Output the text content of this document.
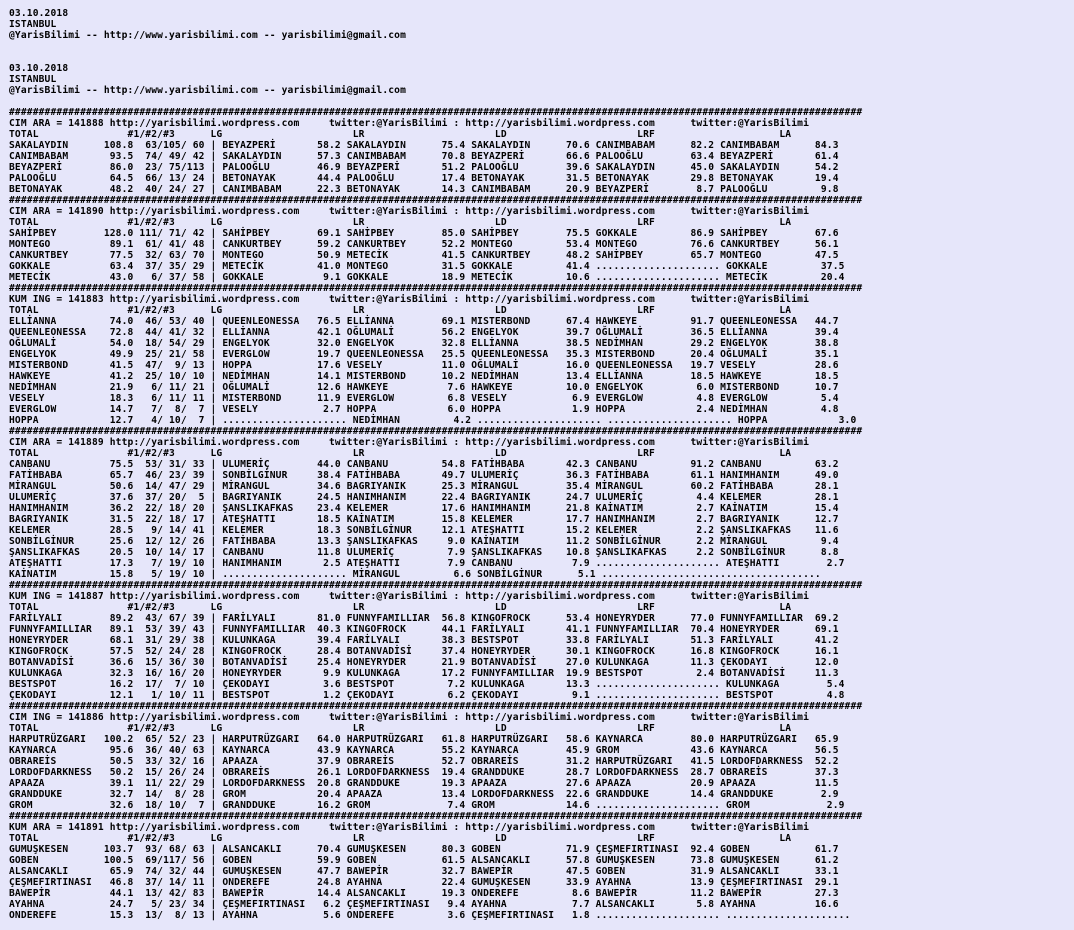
03.10.2018
ISTANBUL
@YarisBilimi -- http://www.yarisbilimi.com -- yarisbilimi@gmail.com

03.10.2018
ISTANBUL
@YarisBilimi -- http://www.yarisbilimi.com -- yarisbilimi@gmail.com

################################################################################################################################################
CIM ARA = 141888 http://yarisbilimi.wordpress.com     twitter:@YarisBilimi : http://yarisbilimi.wordpress.com      twitter:@YarisBilimi
TOTAL               #1/#2/#3      LG                      LR                      LD                      LRF                     LA
SAKALAYDIN      108.8  63/105/ 60 | BEYAZPERİ       58.2 SAKALAYDIN      75.4 SAKALAYDIN      70.6 CANIMBABAM      82.2 CANIMBABAM      84.3
CANIMBABAM       93.5  74/ 49/ 42 | SAKALAYDIN      57.3 CANIMBABAM      70.8 BEYAZPERİ       66.6 PALOOĞLU        63.4 BEYAZPERİ       61.4
BEYAZPERİ        86.0  23/ 75/113 | PALOOĞLU        46.9 BEYAZPERİ       51.2 PALOOĞLU        39.6 SAKALAYDIN      45.0 SAKALAYDIN      54.2
PALOOĞLU         64.5  66/ 13/ 24 | BETONAYAK       44.4 PALOOĞLU        17.4 BETONAYAK       31.5 BETONAYAK       29.8 BETONAYAK       19.4
BETONAYAK        48.2  40/ 24/ 27 | CANIMBABAM      22.3 BETONAYAK       14.3 CANIMBABAM      20.9 BEYAZPERİ        8.7 PALOOĞLU         9.8
################################################################################################################################################
CIM ARA = 141890 http://yarisbilimi.wordpress.com     twitter:@YarisBilimi : http://yarisbilimi.wordpress.com      twitter:@YarisBilimi
TOTAL               #1/#2/#3      LG                      LR                      LD                      LRF                     LA
SAHİPBEY        128.0 111/ 71/ 42 | SAHİPBEY        69.1 SAHİPBEY        85.0 SAHİPBEY        75.5 GOKKALE         86.9 SAHİPBEY        67.6
MONTEGO          89.1  61/ 41/ 48 | CANKURTBEY      59.2 CANKURTBEY      52.2 MONTEGO         53.4 MONTEGO         76.6 CANKURTBEY      56.1
CANKURTBEY       77.5  32/ 63/ 70 | MONTEGO         50.9 METECİK         41.5 CANKURTBEY      48.2 SAHİPBEY        65.7 MONTEGO         47.5
GOKKALE          63.4  37/ 35/ 29 | METECİK         41.0 MONTEGO         31.5 GOKKALE         41.4 ..................... GOKKALE         37.5
METECİK          43.0   6/ 37/ 58 | GOKKALE          9.1 GOKKALE         18.9 METECİK         10.6 ..................... METECİK         20.4
################################################################################################################################################
KUM ING = 141883 http://yarisbilimi.wordpress.com     twitter:@YarisBilimi : http://yarisbilimi.wordpress.com      twitter:@YarisBilimi
TOTAL               #1/#2/#3      LG                      LR                      LD                      LRF                     LA
ELLİANNA         74.0  46/ 53/ 40 | QUEENLEONESSA   76.5 ELLİANNA        69.1 MISTERBOND      67.4 HAWKEYE         91.7 QUEENLEONESSA   44.7
QUEENLEONESSA    72.8  44/ 41/ 32 | ELLİANNA        42.1 OĞLUMALİ        56.2 ENGELYOK        39.7 OĞLUMALİ        36.5 ELLİANNA        39.4
OĞLUMALİ         54.0  18/ 54/ 29 | ENGELYOK        32.0 ENGELYOK        32.8 ELLİANNA        38.5 NEDİMHAN        29.2 ENGELYOK        38.8
ENGELYOK         49.9  25/ 21/ 58 | EVERGLOW        19.7 QUEENLEONESSA   25.5 QUEENLEONESSA   35.3 MISTERBOND      20.4 OĞLUMALİ        35.1
MISTERBOND       41.5  47/  9/ 13 | HOPPA           17.6 VESELY          11.0 OĞLUMALİ        16.0 QUEENLEONESSA   19.7 VESELY          28.6
HAWKEYE          41.2  25/ 10/ 10 | NEDİMHAN        14.1 MISTERBOND      10.2 NEDİMHAN        13.4 ELLİANNA        18.5 HAWKEYE         18.5
NEDİMHAN         21.9   6/ 11/ 21 | OĞLUMALİ        12.6 HAWKEYE          7.6 HAWKEYE         10.0 ENGELYOK         6.0 MISTERBOND      10.7
VESELY           18.3   6/ 11/ 11 | MISTERBOND      11.9 EVERGLOW         6.8 VESELY           6.9 EVERGLOW         4.8 EVERGLOW         5.4
EVERGLOW         14.7   7/  8/  7 | VESELY           2.7 HOPPA            6.0 HOPPA            1.9 HOPPA            2.4 NEDİMHAN         4.8
HOPPA            12.7   4/ 10/  7 | ..................... NEDİMHAN         4.2 ..................... ..................... HOPPA            3.0
################################################################################################################################################
CIM ARA = 141889 http://yarisbilimi.wordpress.com     twitter:@YarisBilimi : http://yarisbilimi.wordpress.com      twitter:@YarisBilimi
TOTAL               #1/#2/#3      LG                      LR                      LD                      LRF                     LA
CANBANU          75.5  53/ 31/ 33 | ULUMERİÇ        44.0 CANBANU         54.8 FATİHBABA       42.3 CANBANU         91.2 CANBANU         63.2
FATİHBABA        65.7  46/ 23/ 39 | SONBİLGİNUR     38.4 FATİHBABA       49.7 ULUMERİÇ        36.3 FATİHBABA       61.1 HANIMHANIM      49.0
MİRANGUL         50.6  14/ 47/ 29 | MİRANGUL        34.6 BAGRIYANIK      25.3 MİRANGUL        35.4 MİRANGUL        60.2 FATİHBABA       28.1
ULUMERİÇ         37.6  37/ 20/  5 | BAGRIYANIK      24.5 HANIMHANIM      22.4 BAGRIYANIK      24.7 ULUMERİÇ         4.4 KELEMER         28.1
HANIMHANIM       36.2  22/ 18/ 20 | ŞANSLIKAFKAS    23.4 KELEMER         17.6 HANIMHANIM      21.8 KAİNATIM         2.7 KAİNATIM        15.4
BAGRIYANIK       31.5  22/ 18/ 17 | ATEŞHATTI       18.5 KAİNATIM        15.8 KELEMER         17.7 HANIMHANIM       2.7 BAGRIYANIK      12.7
KELEMER          28.5   9/ 14/ 41 | KELEMER         18.3 SONBİLGİNUR     12.1 ATEŞHATTI       15.2 KELEMER          2.2 ŞANSLIKAFKAS    11.6
SONBİLGİNUR      25.6  12/ 12/ 26 | FATİHBABA       13.3 ŞANSLIKAFKAS     9.0 KAİNATIM        11.2 SONBİLGİNUR      2.2 MİRANGUL         9.4
ŞANSLIKAFKAS     20.5  10/ 14/ 17 | CANBANU         11.8 ULUMERİÇ         7.9 ŞANSLIKAFKAS    10.8 ŞANSLIKAFKAS     2.2 SONBİLGİNUR      8.8
ATEŞHATTI        17.3   7/ 19/ 10 | HANIMHANIM       2.5 ATEŞHATTI        7.9 CANBANU          7.9 ..................... ATEŞHATTI        2.7
KAİNATIM         15.8   5/ 19/ 10 | ..................... MİRANGUL         6.6 SONBİLGİNUR      5.1 .....................................
################################################################################################################################################
KUM ING = 141887 http://yarisbilimi.wordpress.com     twitter:@YarisBilimi : http://yarisbilimi.wordpress.com      twitter:@YarisBilimi
TOTAL               #1/#2/#3      LG                      LR                      LD                      LRF                     LA
FARİLYALI        89.2  43/ 67/ 39 | FARİLYALI       81.0 FUNNYFAMILLIAR  56.8 KINGOFROCK      53.4 HONEYRYDER      77.0 FUNNYFAMILLIAR  69.2
FUNNYFAMILLIAR   89.1  53/ 39/ 43 | FUNNYFAMILLIAR  40.3 KINGOFROCK      44.1 FARİLYALI       41.1 FUNNYFAMILLIAR  70.4 HONEYRYDER      69.1
HONEYRYDER       68.1  31/ 29/ 38 | KULUNKAGA       39.4 FARİLYALI       38.3 BESTSPOT        33.8 FARİLYALI       51.3 FARİLYALI       41.2
KINGOFROCK       57.5  52/ 24/ 28 | KINGOFROCK      28.4 BOTANVADİSİ     37.4 HONEYRYDER      30.1 KINGOFROCK      16.8 KINGOFROCK      16.1
BOTANVADİSİ      36.6  15/ 36/ 30 | BOTANVADİSİ     25.4 HONEYRYDER      21.9 BOTANVADİSİ     27.0 KULUNKAGA       11.3 ÇEKODAYI        12.0
KULUNKAGA        32.3  16/ 16/ 20 | HONEYRYDER       9.9 KULUNKAGA       17.2 FUNNYFAMILLIAR  19.9 BESTSPOT         2.4 BOTANVADİSİ     11.3
BESTSPOT         16.2  17/  7/ 10 | ÇEKODAYI         3.6 BESTSPOT         7.2 KULUNKAGA       13.3 ..................... KULUNKAGA        5.4
ÇEKODAYI         12.1   1/ 10/ 11 | BESTSPOT         1.2 ÇEKODAYI         6.2 ÇEKODAYI         9.1 ..................... BESTSPOT         4.8
################################################################################################################################################
CIM ING = 141886 http://yarisbilimi.wordpress.com     twitter:@YarisBilimi : http://yarisbilimi.wordpress.com      twitter:@YarisBilimi
TOTAL               #1/#2/#3      LG                      LR                      LD                      LRF                     LA
HARPUTRÜZGARI   100.2  65/ 52/ 23 | HARPUTRÜZGARI   64.0 HARPUTRÜZGARI   61.8 HARPUTRÜZGARI   58.6 KAYNARCA        80.0 HARPUTRÜZGARI   65.9
KAYNARCA         95.6  36/ 40/ 63 | KAYNARCA        43.9 KAYNARCA        55.2 KAYNARCA        45.9 GROM            43.6 KAYNARCA        56.5
OBRAREİS         50.5  33/ 32/ 16 | APAAZA          37.9 OBRAREİS        52.7 OBRAREİS        31.2 HARPUTRÜZGARI   41.5 LORDOFDARKNESS  52.2
LORDOFDARKNESS   50.2  15/ 26/ 24 | OBRAREİS        26.1 LORDOFDARKNESS  19.4 GRANDDUKE       28.7 LORDOFDARKNESS  28.7 OBRAREİS        37.3
APAAZA           39.1  11/ 22/ 29 | LORDOFDARKNESS  20.8 GRANDDUKE       19.3 APAAZA          27.6 APAAZA          20.9 APAAZA          11.5
GRANDDUKE        32.7  14/  8/ 28 | GROM            20.4 APAAZA          13.4 LORDOFDARKNESS  22.6 GRANDDUKE       14.4 GRANDDUKE        2.9
GROM             32.6  18/ 10/  7 | GRANDDUKE       16.2 GROM             7.4 GROM            14.6 ..................... GROM             2.9
################################################################################################################################################
KUM ARA = 141891 http://yarisbilimi.wordpress.com     twitter:@YarisBilimi : http://yarisbilimi.wordpress.com      twitter:@YarisBilimi
TOTAL               #1/#2/#3      LG                      LR                      LD                      LRF                     LA
GUMUŞKESEN      103.7  93/ 68/ 63 | ALSANCAKLI      70.4 GUMUŞKESEN      80.3 GOBEN           71.9 ÇEŞMEFIRTINASI  92.4 GOBEN           61.7
GOBEN           100.5  69/117/ 56 | GOBEN           59.9 GOBEN           61.5 ALSANCAKLI      57.8 GUMUŞKESEN      73.8 GUMUŞKESEN      61.2
ALSANCAKLI       65.9  74/ 32/ 44 | GUMUŞKESEN      47.7 BAWEPİR         32.7 BAWEPİR         47.5 GOBEN           31.9 ALSANCAKLI      33.1
ÇEŞMEFIRTINASI   46.8  37/ 14/ 11 | ONDEREFE        24.8 AYAHNA          22.4 GUMUŞKESEN      33.9 AYAHNA          13.9 ÇEŞMEFIRTINASI  29.1
BAWEPİR          44.1  13/ 42/ 83 | BAWEPİR         14.4 ALSANCAKLI      19.3 ONDEREFE         8.6 BAWEPİR         11.2 BAWEPİR         27.3
AYAHNA           24.7   5/ 23/ 34 | ÇEŞMEFIRTINASI   6.2 ÇEŞMEFIRTINASI   9.4 AYAHNA           7.7 ALSANCAKLI       5.8 AYAHNA          16.6
ONDEREFE         15.3  13/  8/ 13 | AYAHNA           5.6 ONDEREFE         3.6 ÇEŞMEFIRTINASI   1.8 ..................... .....................
